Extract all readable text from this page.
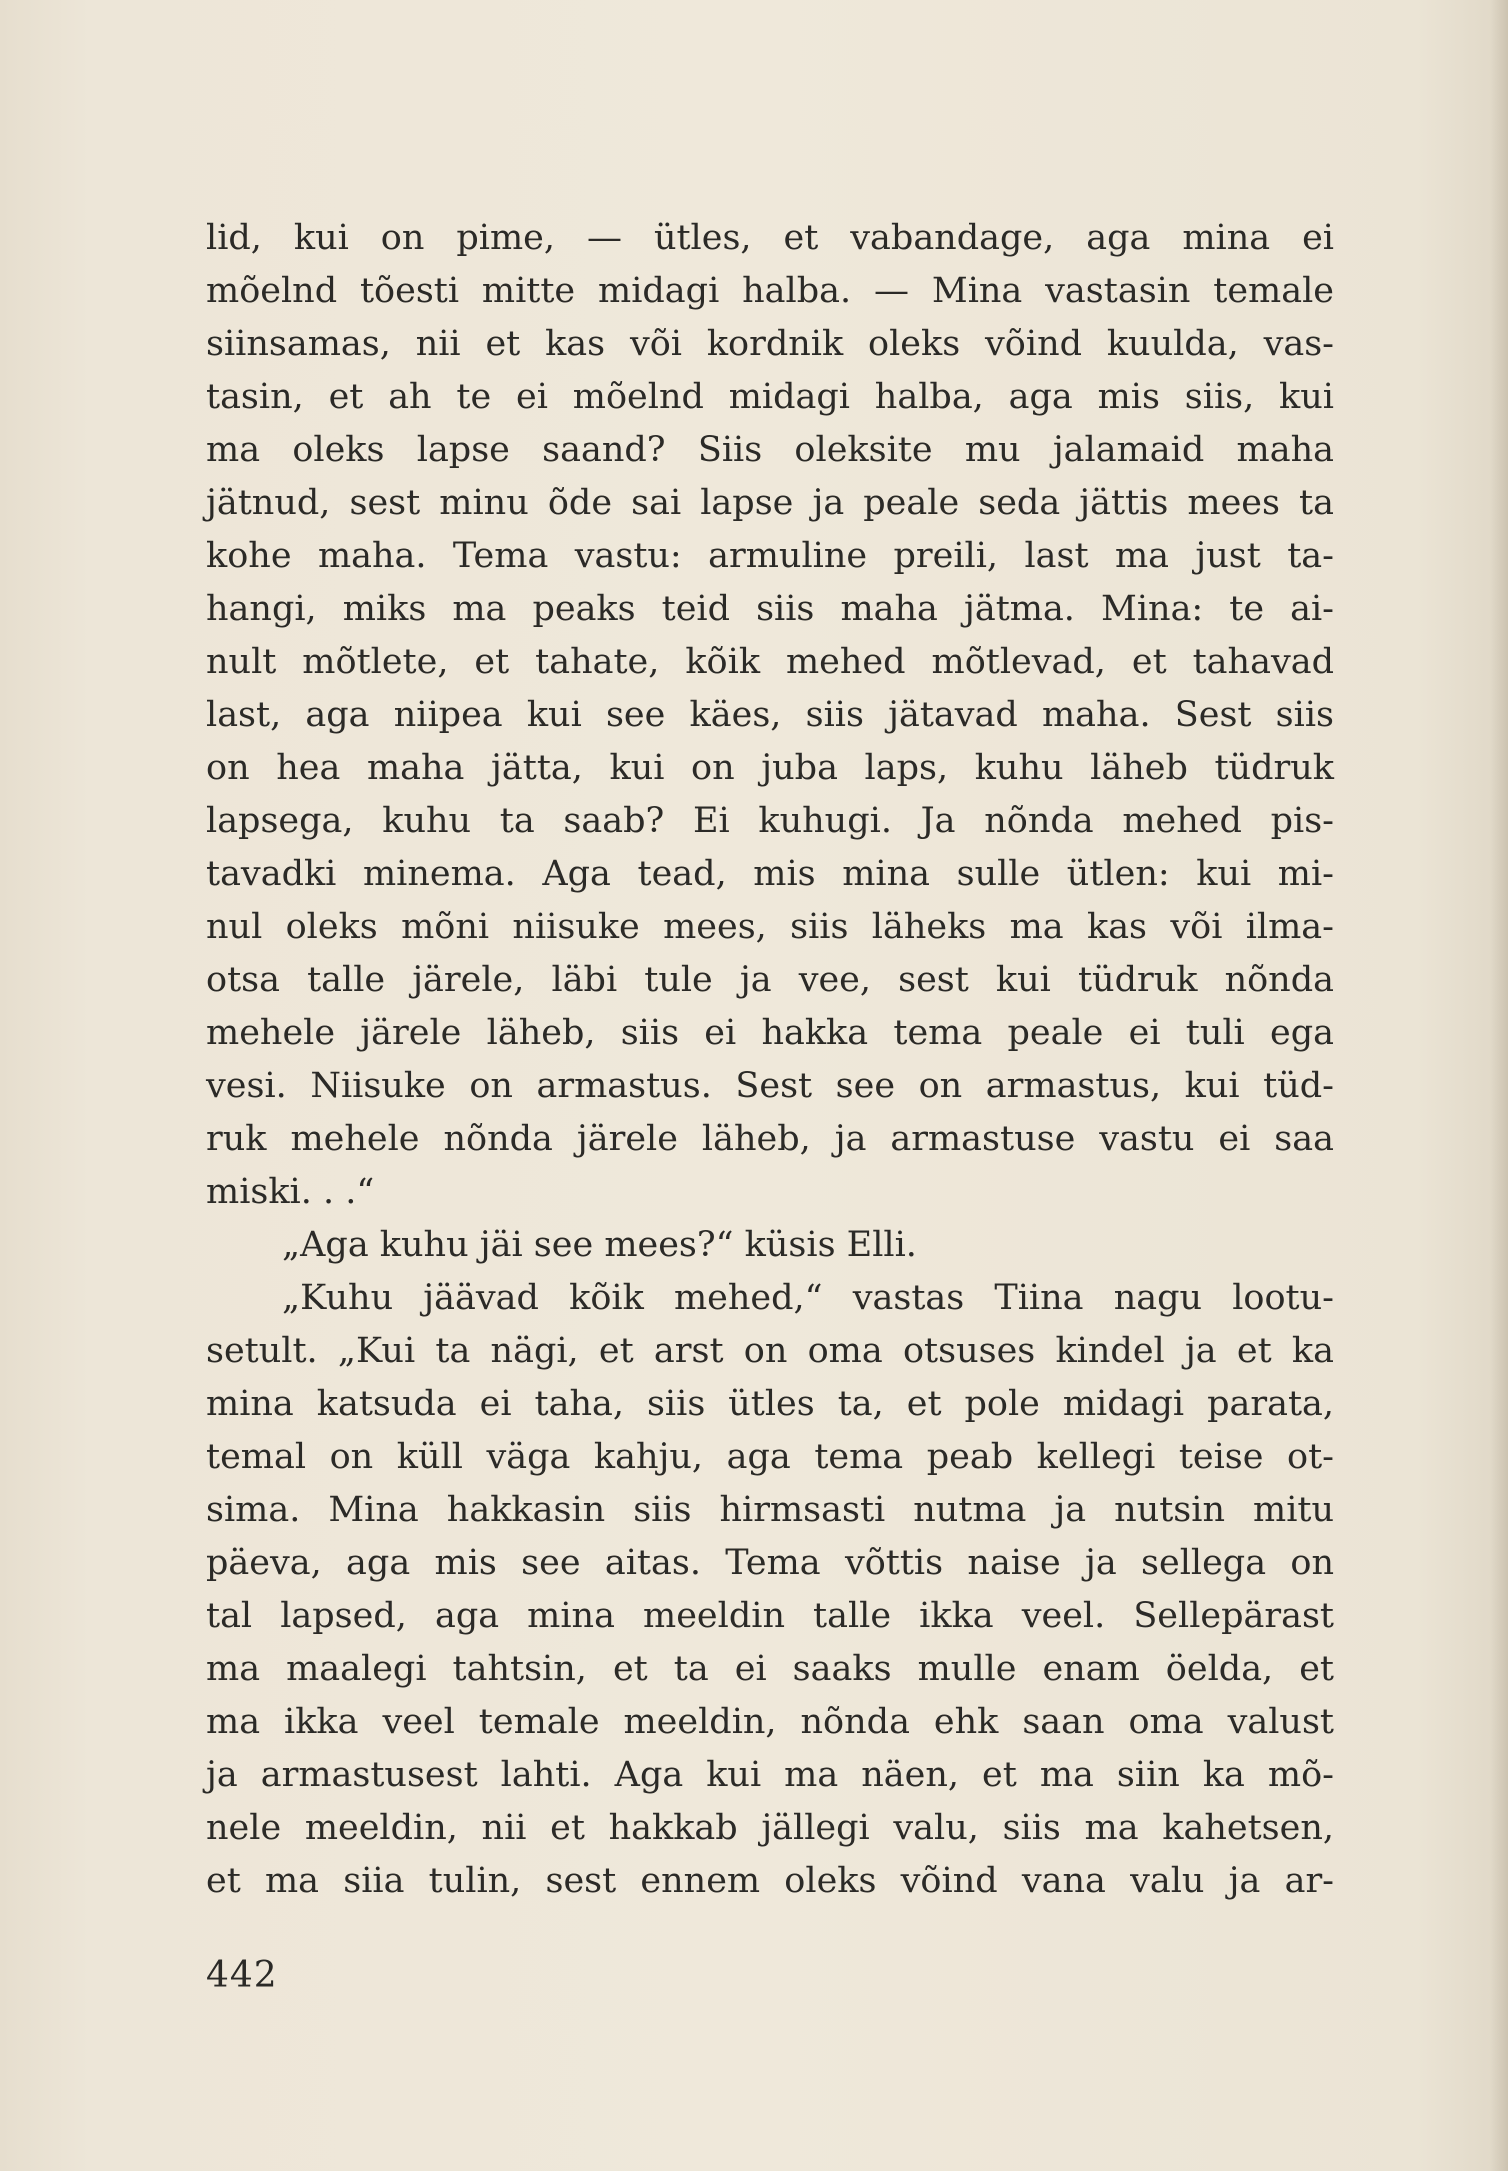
lid, kui on pime, — ütles, et vabandage, aga mina ei
mõelnd tõesti mitte midagi halba. — Mina vastasin temale
siinsamas, nii et kas või kordnik oleks võind kuulda, vas-
tasin, et ah te ei mõelnd midagi halba, aga mis siis, kui
ma oleks lapse saand? Siis oleksite mu jalamaid maha
jätnud, sest minu õde sai lapse ja peale seda jättis mees ta
kohe maha. Tema vastu: armuline preili, last ma just ta-
hangi, miks ma peaks teid siis maha jätma. Mina: te ai-
nult mõtlete, et tahate, kõik mehed mõtlevad, et tahavad
last, aga niipea kui see käes, siis jätavad maha. Sest siis
on hea maha jätta, kui on juba laps, kuhu läheb tüdruk
lapsega, kuhu ta saab? Ei kuhugi. Ja nõnda mehed pis-
tavadki minema. Aga tead, mis mina sulle ütlen: kui mi-
nul oleks mõni niisuke mees, siis läheks ma kas või ilma-
otsa talle järele, läbi tule ja vee, sest kui tüdruk nõnda
mehele järele läheb, siis ei hakka tema peale ei tuli ega
vesi. Niisuke on armastus. Sest see on armastus, kui tüd-
ruk mehele nõnda järele läheb, ja armastuse vastu ei saa
miski. . .“
„Aga kuhu jäi see mees?“ küsis Elli.
„Kuhu jäävad kõik mehed,“ vastas Tiina nagu lootu-
setult. „Kui ta nägi, et arst on oma otsuses kindel ja et ka
mina katsuda ei taha, siis ütles ta, et pole midagi parata,
temal on küll väga kahju, aga tema peab kellegi teise ot-
sima. Mina hakkasin siis hirmsasti nutma ja nutsin mitu
päeva, aga mis see aitas. Tema võttis naise ja sellega on
tal lapsed, aga mina meeldin talle ikka veel. Sellepärast
ma maalegi tahtsin, et ta ei saaks mulle enam öelda, et
ma ikka veel temale meeldin, nõnda ehk saan oma valust
ja armastusest lahti. Aga kui ma näen, et ma siin ka mõ-
nele meeldin, nii et hakkab jällegi valu, siis ma kahetsen,
et ma siia tulin, sest ennem oleks võind vana valu ja ar-
442
